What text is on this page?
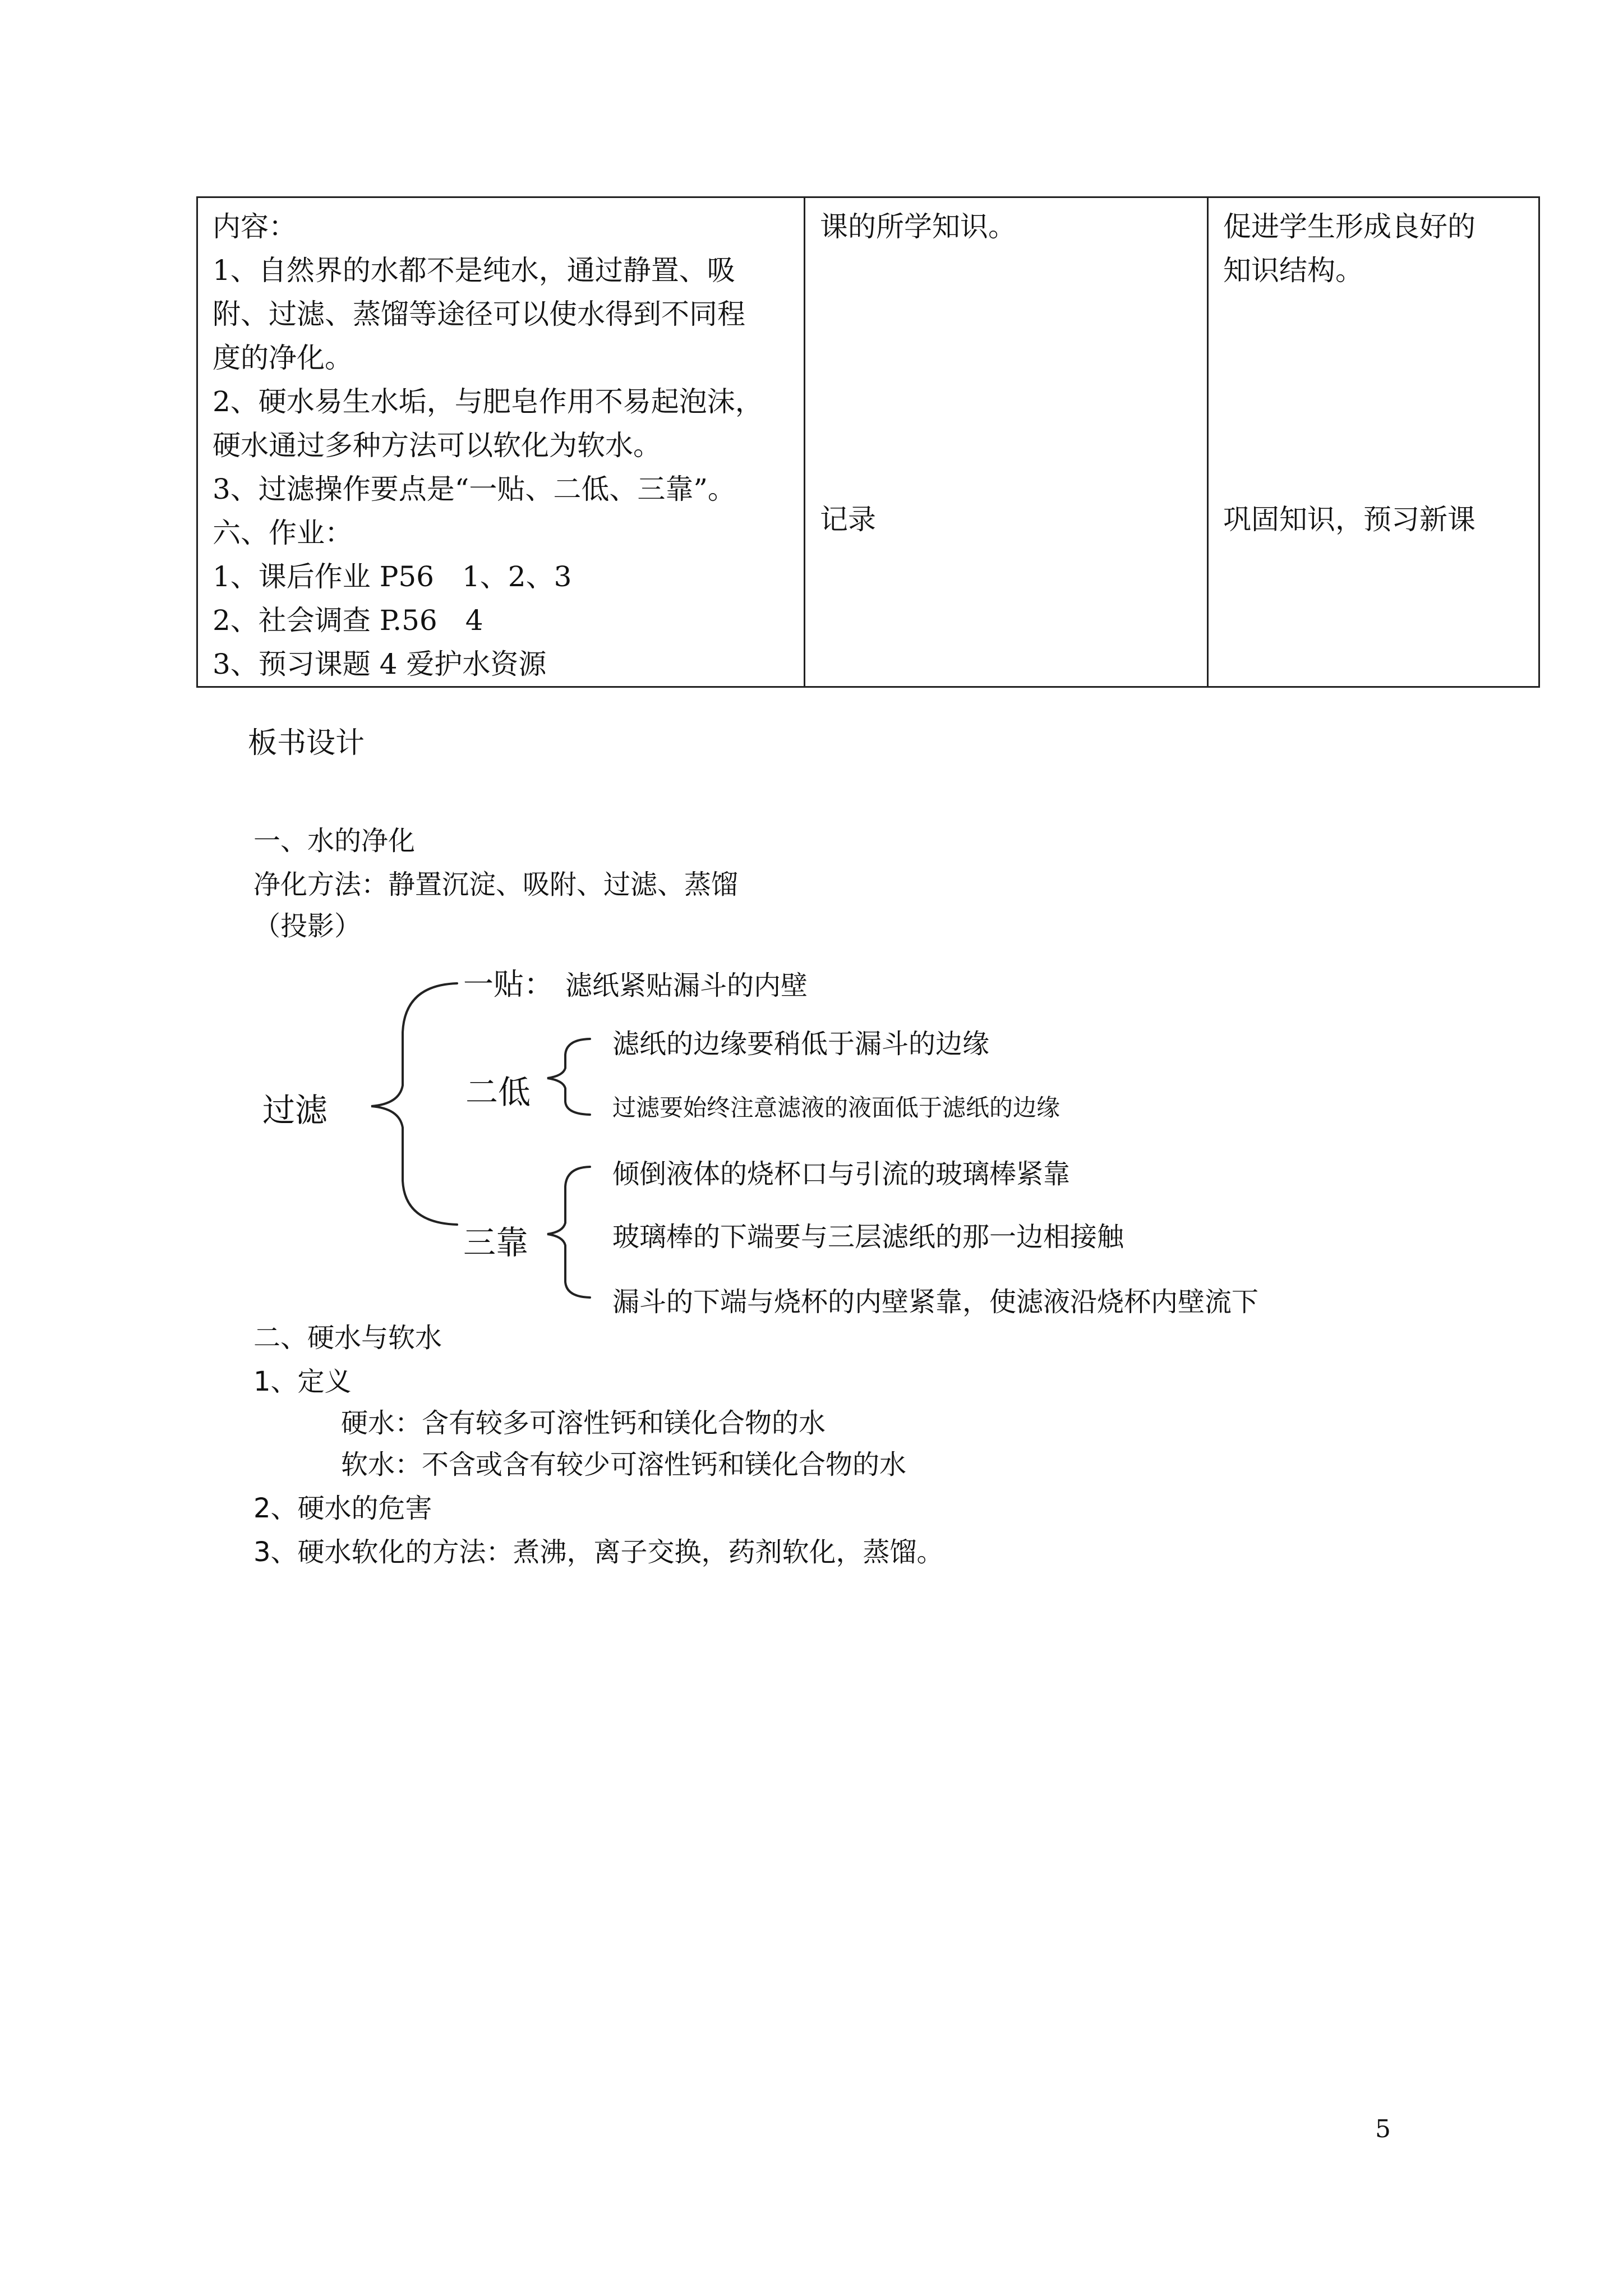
内容：
1、自然界的水都不是纯水，通过静置、吸
附、过滤、蒸馏等途径可以使水得到不同程
度的净化。
2、硬水易生水垢，与肥皂作用不易起泡沫，
硬水通过多种方法可以软化为软水。
3、过滤操作要点是“一贴、二低、三靠”。
六、作业：
1、课后作业 P56　1、2、3
2、社会调查 P.56　4
3、预习课题 4 爱护水资源

课的所学知识。
记录

促进学生形成良好的
知识结构。
巩固知识，预习新课
板书设计
一、水的净化
净化方法：静置沉淀、吸附、过滤、蒸馏
（投影）
过滤
一贴： 滤纸紧贴漏斗的内壁
二低
滤纸的边缘要稍低于漏斗的边缘
过滤要始终注意滤液的液面低于滤纸的边缘
三靠
倾倒液体的烧杯口与引流的玻璃棒紧靠
玻璃棒的下端要与三层滤纸的那一边相接触
漏斗的下端与烧杯的内壁紧靠，使滤液沿烧杯内壁流下
二、硬水与软水
1、定义
硬水：含有较多可溶性钙和镁化合物的水
软水：不含或含有较少可溶性钙和镁化合物的水
2、硬水的危害
3、硬水软化的方法：煮沸，离子交换，药剂软化，蒸馏。
5
